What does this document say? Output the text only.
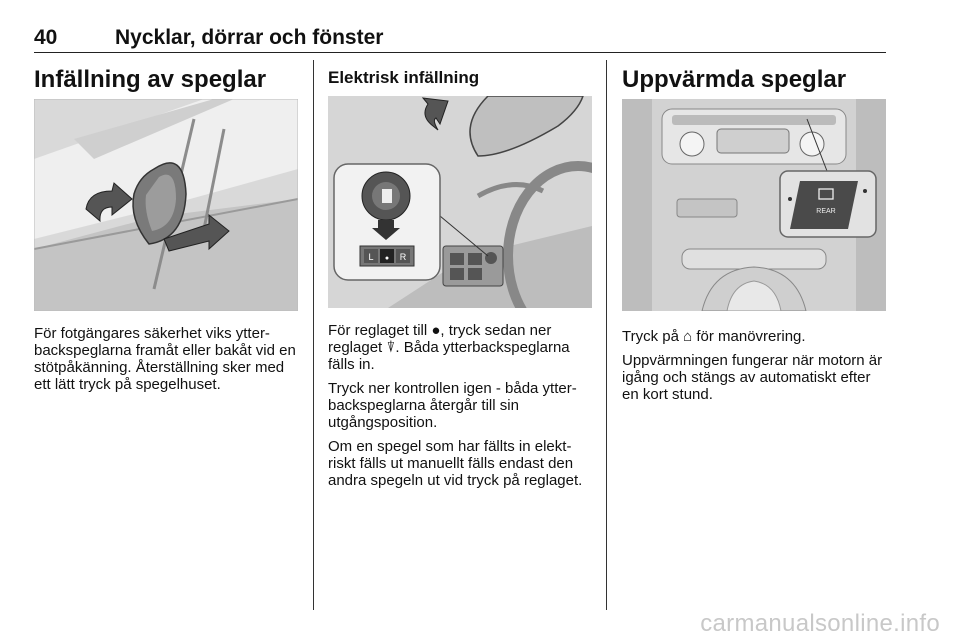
40	Nycklar, dörrar och fönster
Infällning av speglar

För fotgängares säkerhet viks ytter-backspeglarna framåt eller bakåt vid en stötpåkänning. Återställning sker med ett lätt tryck på spegelhuset.

Elektrisk infällning
L ● R

För reglaget till ●, tryck sedan ner reglaget ⍒. Båda ytterbackspeglarna fälls in.

Tryck ner kontrollen igen - båda ytter-backspeglarna återgår till sin utgångsposition.

Om en spegel som har fällts in elekt-riskt fälls ut manuellt fälls endast den andra spegeln ut vid tryck på reglaget.

Uppvärmda speglar
REAR

Tryck på ⌂ för manövrering.

Uppvärmningen fungerar när motorn är igång och stängs av automatiskt efter en kort stund.

carmanualsonline.info
